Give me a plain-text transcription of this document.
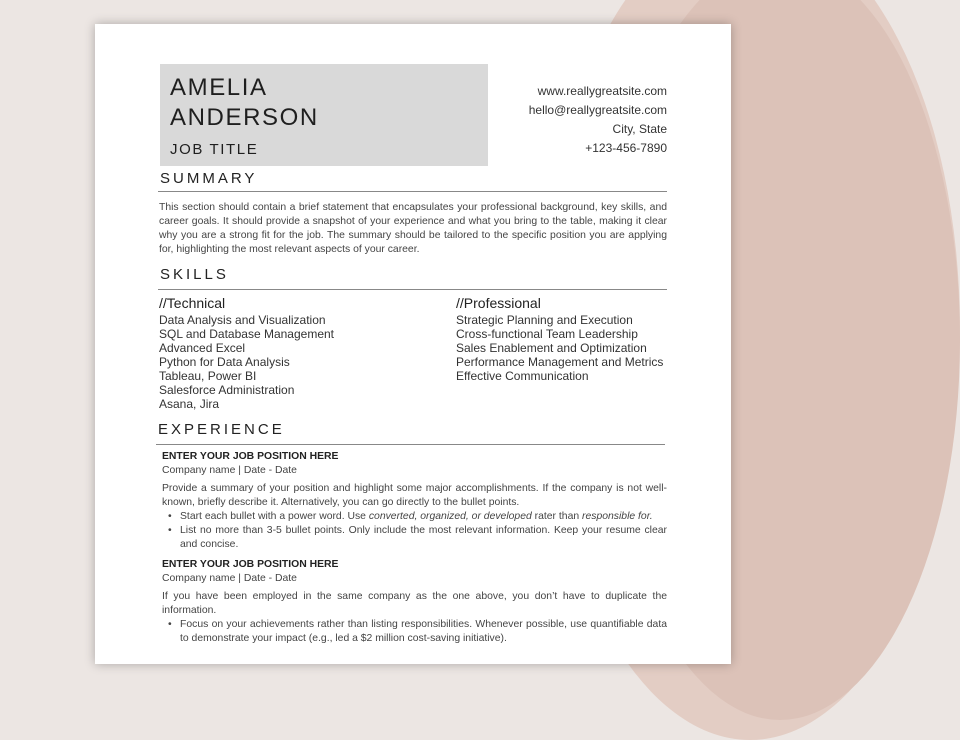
AMELIA
ANDERSON
JOB TITLE
www.reallygreatsite.com
hello@reallygreatsite.com
City, State
+123-456-7890
SUMMARY
This section should contain a brief statement that encapsulates your professional background, key skills, and career goals. It should provide a snapshot of your experience and what you bring to the table, making it clear why you are a strong fit for the job. The summary should be tailored to the specific position you are applying for, highlighting the most relevant aspects of your career.
SKILLS
//Technical
Data Analysis and Visualization
SQL and Database Management
Advanced Excel
Python for Data Analysis
Tableau, Power BI
Salesforce Administration
Asana, Jira
//Professional
Strategic Planning and Execution
Cross-functional Team Leadership
Sales Enablement and Optimization
Performance Management and Metrics
Effective Communication
EXPERIENCE
ENTER YOUR JOB POSITION HERE
Company name | Date - Date

Provide a summary of your position and highlight some major accomplishments. If the company is not well-known, briefly describe it. Alternatively, you can go directly to the bullet points.

• Start each bullet with a power word. Use converted, organized, or developed rater than responsible for.
• List no more than 3-5 bullet points. Only include the most relevant information. Keep your resume clear and concise.
ENTER YOUR JOB POSITION HERE
Company name | Date - Date

If you have been employed in the same company as the one above, you don’t have to duplicate the information.

• Focus on your achievements rather than listing responsibilities. Whenever possible, use quantifiable data to demonstrate your impact (e.g., led a $2 million cost-saving initiative).
